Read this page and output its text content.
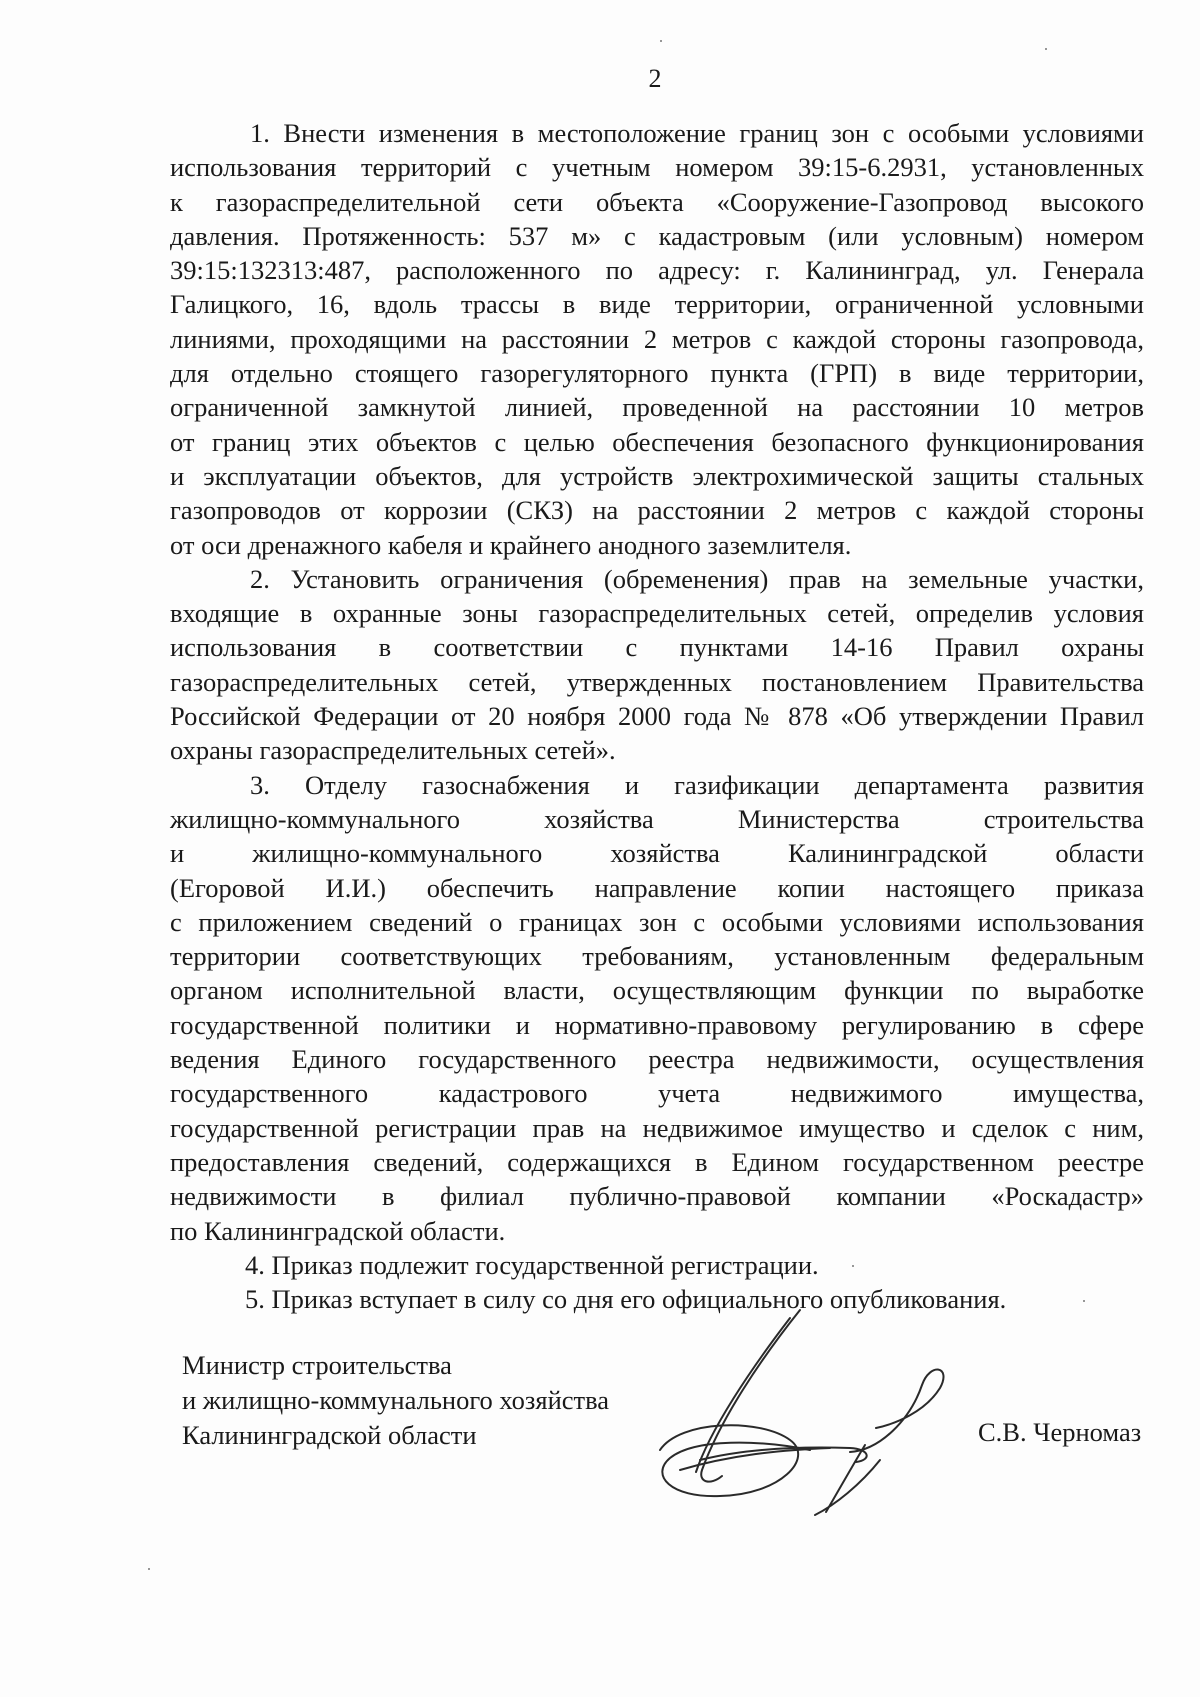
2

1. Внести изменения в местоположение границ зон с особыми условиями
использования территорий с учетным номером 39:15-6.2931, установленных
к газораспределительной сети объекта «Сооружение-Газопровод высокого
давления. Протяженность: 537 м» с кадастровым (или условным) номером
39:15:132313:487, расположенного по адресу: г. Калининград, ул. Генерала
Галицкого, 16, вдоль трассы в виде территории, ограниченной условными
линиями, проходящими на расстоянии 2 метров с каждой стороны газопровода,
для отдельно стоящего газорегуляторного пункта (ГРП) в виде территории,
ограниченной замкнутой линией, проведенной на расстоянии 10 метров
от границ этих объектов с целью обеспечения безопасного функционирования
и эксплуатации объектов, для устройств электрохимической защиты стальных
газопроводов от коррозии (СКЗ) на расстоянии 2 метров с каждой стороны
от оси дренажного кабеля и крайнего анодного заземлителя.

2. Установить ограничения (обременения) прав на земельные участки,
входящие в охранные зоны газораспределительных сетей, определив условия
использования в соответствии с пунктами 14-16 Правил охраны
газораспределительных сетей, утвержденных постановлением Правительства
Российской Федерации от 20 ноября 2000 года № 878 «Об утверждении Правил
охраны газораспределительных сетей».

3. Отделу газоснабжения и газификации департамента развития
жилищно-коммунального хозяйства Министерства строительства
и жилищно-коммунального хозяйства Калининградской области
(Егоровой И.И.) обеспечить направление копии настоящего приказа
с приложением сведений о границах зон с особыми условиями использования
территории соответствующих требованиям, установленным федеральным
органом исполнительной власти, осуществляющим функции по выработке
государственной политики и нормативно-правовому регулированию в сфере
ведения Единого государственного реестра недвижимости, осуществления
государственного кадастрового учета недвижимого имущества,
государственной регистрации прав на недвижимое имущество и сделок с ним,
предоставления сведений, содержащихся в Едином государственном реестре
недвижимости в филиал публично-правовой компании «Роскадастр»
по Калининградской области.

4. Приказ подлежит государственной регистрации.
5. Приказ вступает в силу со дня его официального опубликования.
Министр строительства
и жилищно-коммунального хозяйства
Калининградской области	С.В. Черномаз
